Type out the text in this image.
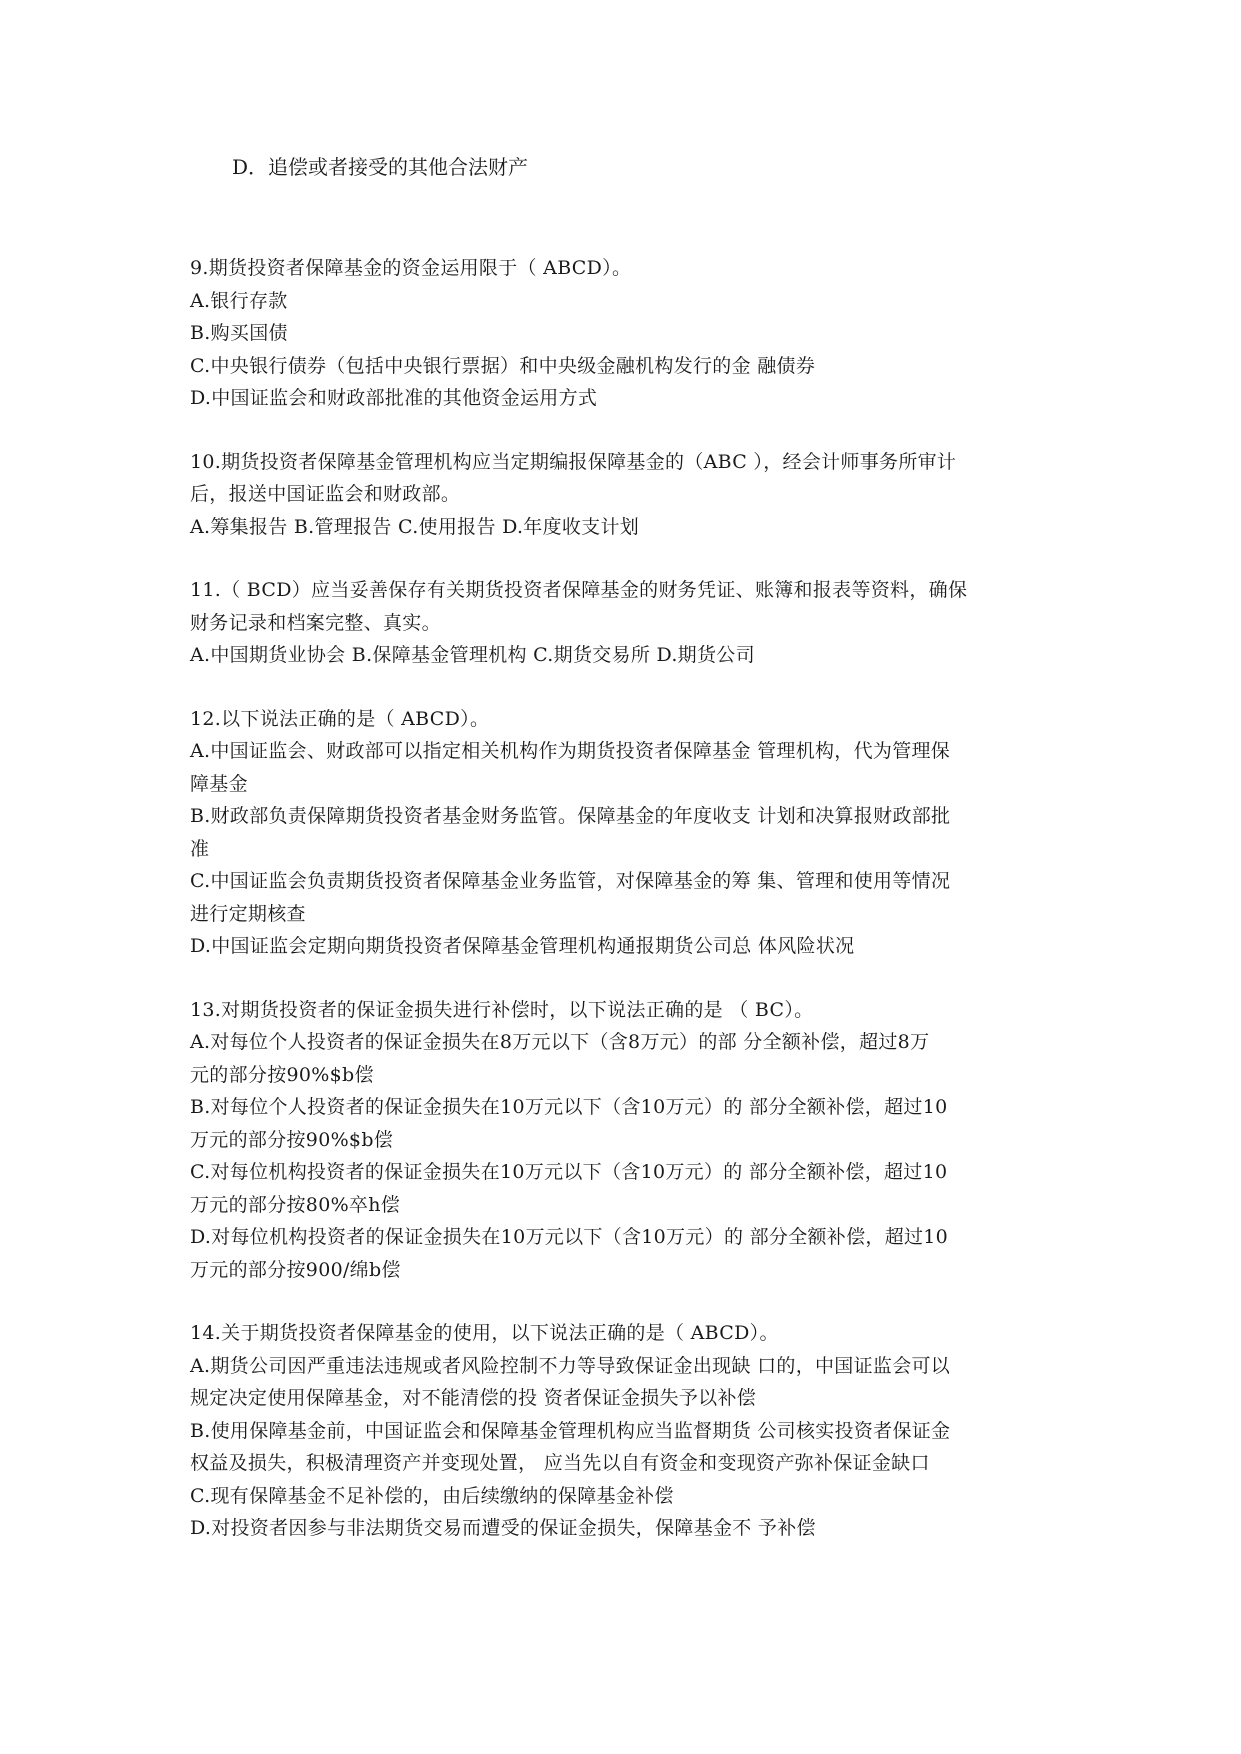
D．追偿或者接受的其他合法财产
9.期货投资者保障基金的资金运用限于（ ABCD）。
A.银行存款
B.购买国债
C.中央银行债券（包括中央银行票据）和中央级金融机构发行的金 融债券
D.中国证监会和财政部批准的其他资金运用方式
10.期货投资者保障基金管理机构应当定期编报保障基金的（ABC ），经会计师事务所审计
后，报送中国证监会和财政部。
A.筹集报告 B.管理报告 C.使用报告 D.年度收支计划
11.（ BCD）应当妥善保存有关期货投资者保障基金的财务凭证、账簿和报表等资料，确保
财务记录和档案完整、真实。
A.中国期货业协会 B.保障基金管理机构 C.期货交易所 D.期货公司
12.以下说法正确的是（ ABCD）。
A.中国证监会、财政部可以指定相关机构作为期货投资者保障基金 管理机构，代为管理保
障基金
B.财政部负责保障期货投资者基金财务监管。保障基金的年度收支 计划和决算报财政部批
准
C.中国证监会负责期货投资者保障基金业务监管，对保障基金的筹 集、管理和使用等情况
进行定期核查
D.中国证监会定期向期货投资者保障基金管理机构通报期货公司总 体风险状况
13.对期货投资者的保证金损失进行补偿时，以下说法正确的是 （ BC）。
A.对每位个人投资者的保证金损失在8万元以下（含8万元）的部 分全额补偿，超过8万
元的部分按90%$b偿
B.对每位个人投资者的保证金损失在10万元以下（含10万元）的 部分全额补偿，超过10
万元的部分按90%$b偿
C.对每位机构投资者的保证金损失在10万元以下（含10万元）的 部分全额补偿，超过10
万元的部分按80%卒h偿
D.对每位机构投资者的保证金损失在10万元以下（含10万元）的 部分全额补偿，超过10
万元的部分按900/绵b偿
14.关于期货投资者保障基金的使用，以下说法正确的是（ ABCD）。
A.期货公司因严重违法违规或者风险控制不力等导致保证金出现缺 口的，中国证监会可以
规定决定使用保障基金，对不能清偿的投 资者保证金损失予以补偿
B.使用保障基金前，中国证监会和保障基金管理机构应当监督期货 公司核实投资者保证金
权益及损失，积极清理资产并变现处置， 应当先以自有资金和变现资产弥补保证金缺口
C.现有保障基金不足补偿的，由后续缴纳的保障基金补偿
D.对投资者因参与非法期货交易而遭受的保证金损失，保障基金不 予补偿
